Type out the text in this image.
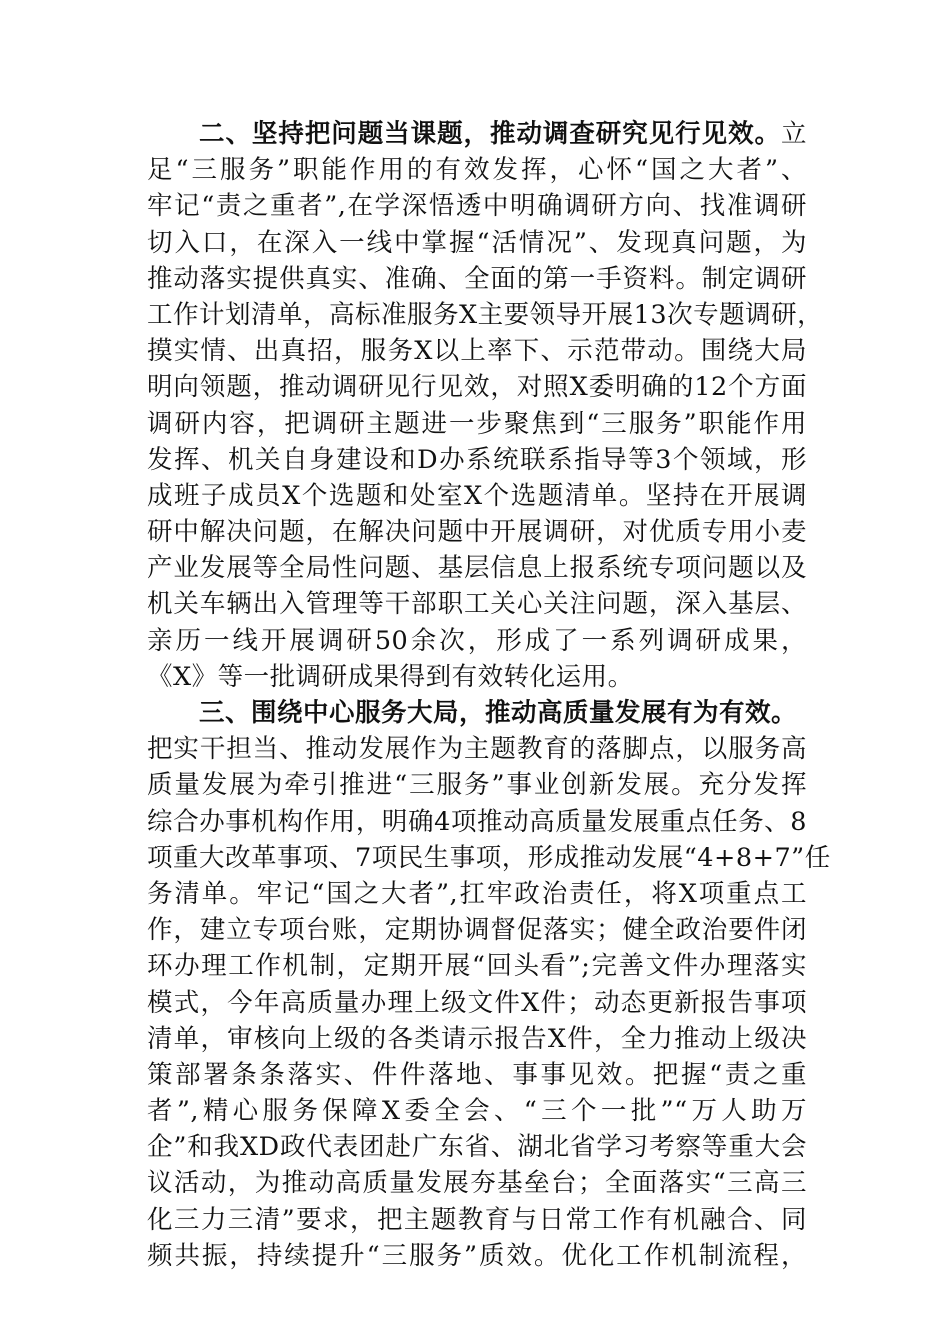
二、坚持把问题当课题，推动调查研究见行见效。立
足“三服务”职能作用的有效发挥，心怀“国之大者”、
牢记“责之重者”,在学深悟透中明确调研方向、找准调研
切入口，在深入一线中掌握“活情况”、发现真问题，为
推动落实提供真实、准确、全面的第一手资料。制定调研
工作计划清单，高标准服务X主要领导开展13次专题调研，
摸实情、出真招，服务X以上率下、示范带动。围绕大局
明向领题，推动调研见行见效，对照X委明确的12个方面
调研内容，把调研主题进一步聚焦到“三服务”职能作用
发挥、机关自身建设和D办系统联系指导等3个领域，形
成班子成员X个选题和处室X个选题清单。坚持在开展调
研中解决问题，在解决问题中开展调研，对优质专用小麦
产业发展等全局性问题、基层信息上报系统专项问题以及
机关车辆出入管理等干部职工关心关注问题，深入基层、
亲历一线开展调研50余次，形成了一系列调研成果，
《X》等一批调研成果得到有效转化运用。
三、围绕中心服务大局，推动高质量发展有为有效。
把实干担当、推动发展作为主题教育的落脚点，以服务高
质量发展为牵引推进“三服务”事业创新发展。充分发挥
综合办事机构作用，明确4项推动高质量发展重点任务、8
项重大改革事项、7项民生事项，形成推动发展“4+8+7”任
务清单。牢记“国之大者”,扛牢政治责任，将X项重点工
作，建立专项台账，定期协调督促落实；健全政治要件闭
环办理工作机制，定期开展“回头看”;完善文件办理落实
模式，今年高质量办理上级文件X件；动态更新报告事项
清单，审核向上级的各类请示报告X件，全力推动上级决
策部署条条落实、件件落地、事事见效。把握“责之重
者”,精心服务保障X委全会、“三个一批”“万人助万
企”和我XD政代表团赴广东省、湖北省学习考察等重大会
议活动，为推动高质量发展夯基垒台；全面落实“三高三
化三力三清”要求，把主题教育与日常工作有机融合、同
频共振，持续提升“三服务”质效。优化工作机制流程，
